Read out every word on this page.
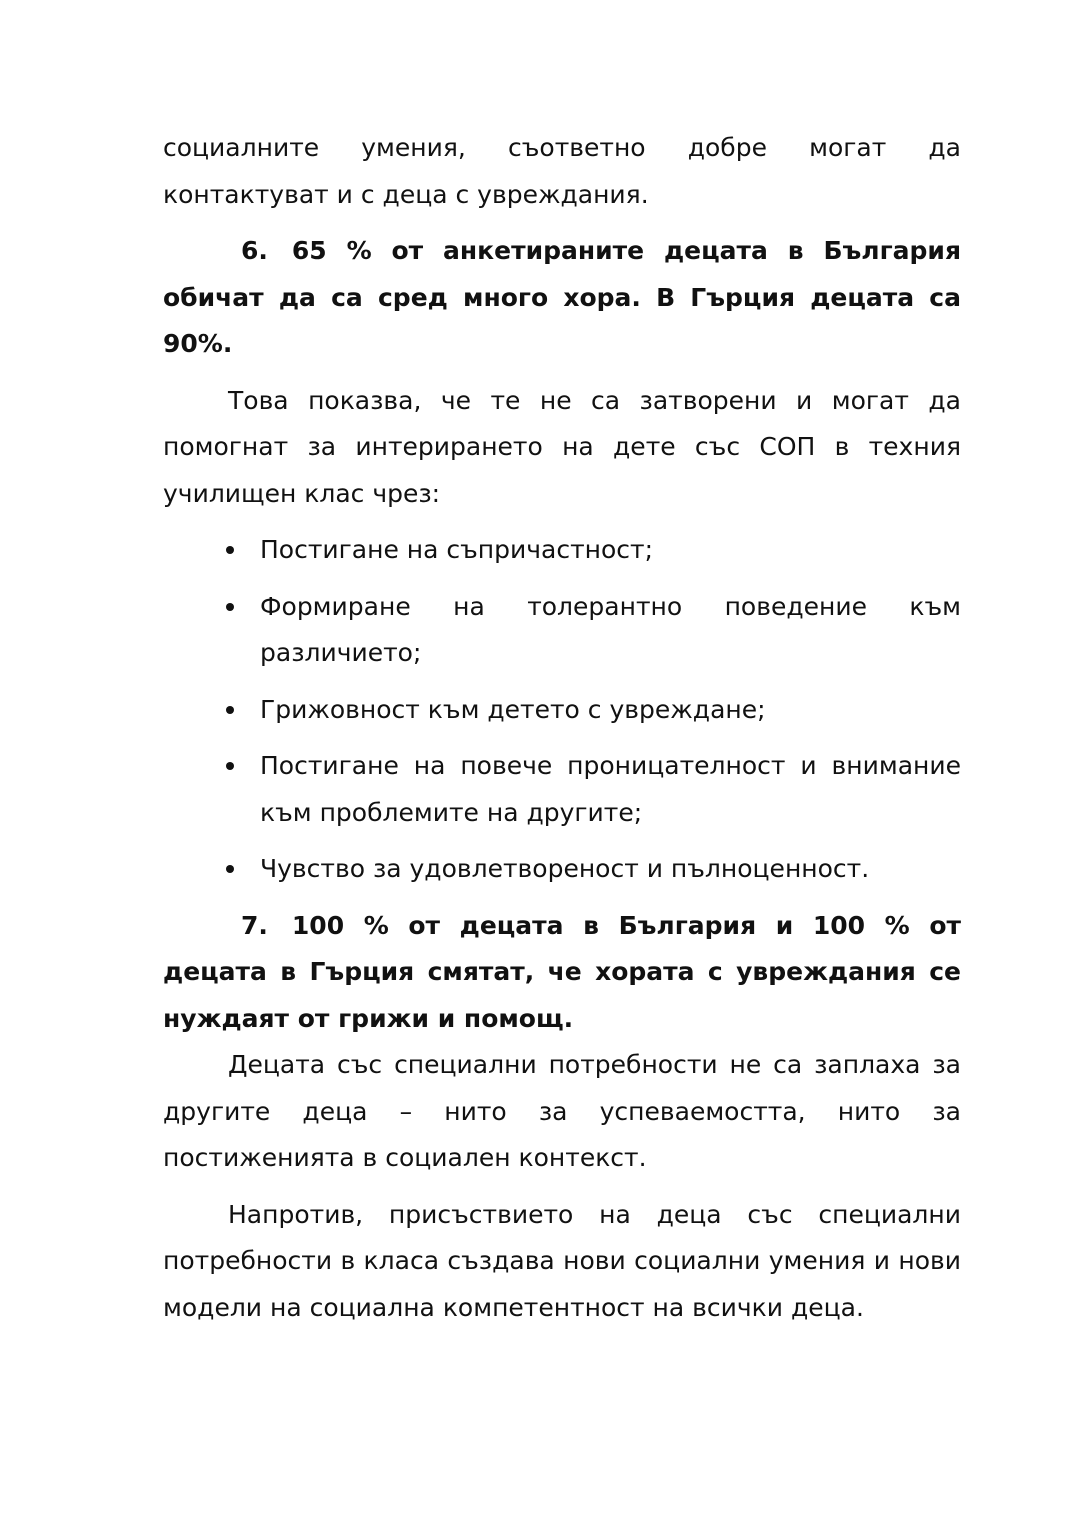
социалните умения, съответно добре могат да контактуват и с деца с увреждания.

6. 65 % от анкетираните децата в България обичат да са сред много хора. В Гърция децата са 90%.

Това показва, че те не са затворени и могат да помогнат за интерирането на дете със СОП в техния училищен клас чрез:

Постигане на съпричастност;
Формиране на толерантно поведение към различието;
Грижовност към детето с увреждане;
Постигане на повече проницателност и внимание към проблемите на другите;
Чувство за удовлетвореност и пълноценност.
7. 100 % от децата в България и 100 % от децата в Гърция смятат, че хората с увреждания се нуждаят от грижи и помощ.

Децата със специални потребности не са заплаха за другите деца – нито за успеваемостта, нито за постиженията в социален контекст.

Напротив, присъствието на деца със специални потребности в класа създава нови социални умения и нови модели на социална компетентност на всички деца.
